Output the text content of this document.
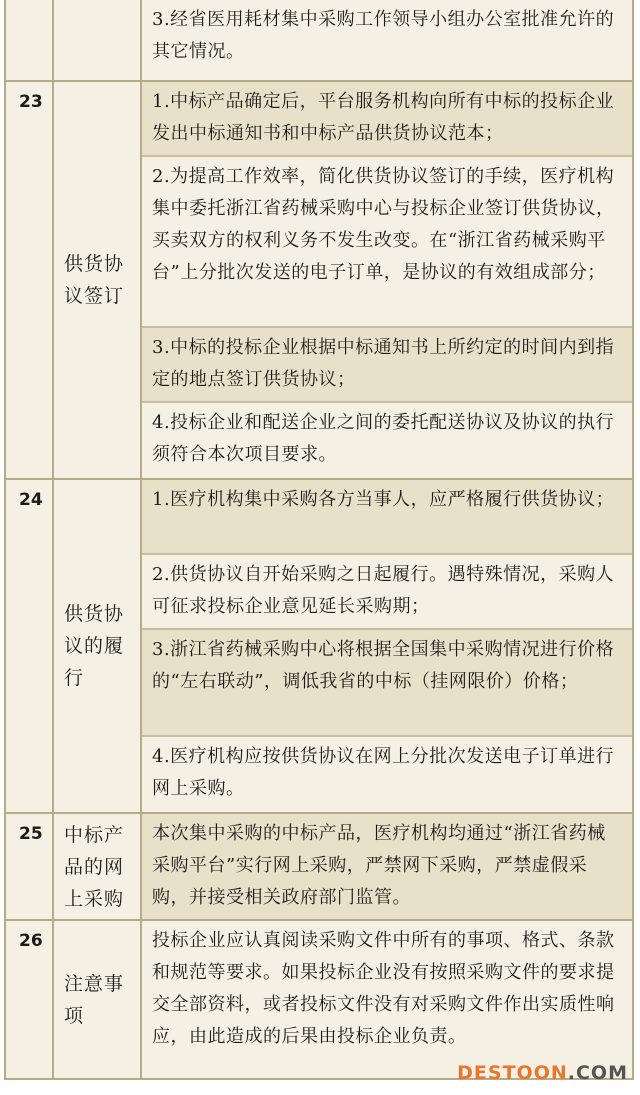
		3.经省医用耗材集中采购工作领导小组办公室批准允许的其它情况。

23	供货协议签订	1.中标产品确定后，平台服务机构向所有中标的投标企业发出中标通知书和中标产品供货协议范本；
2.为提高工作效率，简化供货协议签订的手续，医疗机构集中委托浙江省药械采购中心与投标企业签订供货协议，买卖双方的权利义务不发生改变。在“浙江省药械采购平台”上分批次发送的电子订单，是协议的有效组成部分；
3.中标的投标企业根据中标通知书上所约定的时间内到指定的地点签订供货协议；
4.投标企业和配送企业之间的委托配送协议及协议的执行须符合本次项目要求。

24	供货协议的履行	1.医疗机构集中采购各方当事人，应严格履行供货协议；
2.供货协议自开始采购之日起履行。遇特殊情况，采购人可征求投标企业意见延长采购期；
3.浙江省药械采购中心将根据全国集中采购情况进行价格的“左右联动”，调低我省的中标（挂网限价）价格；
4.医疗机构应按供货协议在网上分批次发送电子订单进行网上采购。

25	中标产品的网上采购	本次集中采购的中标产品，医疗机构均通过“浙江省药械采购平台”实行网上采购，严禁网下采购，严禁虚假采购，并接受相关政府部门监管。

26	注意事项	投标企业应认真阅读采购文件中所有的事项、格式、条款和规范等要求。如果投标企业没有按照采购文件的要求提交全部资料，或者投标文件没有对采购文件作出实质性响应，由此造成的后果由投标企业负责。
DESTOON.COM
